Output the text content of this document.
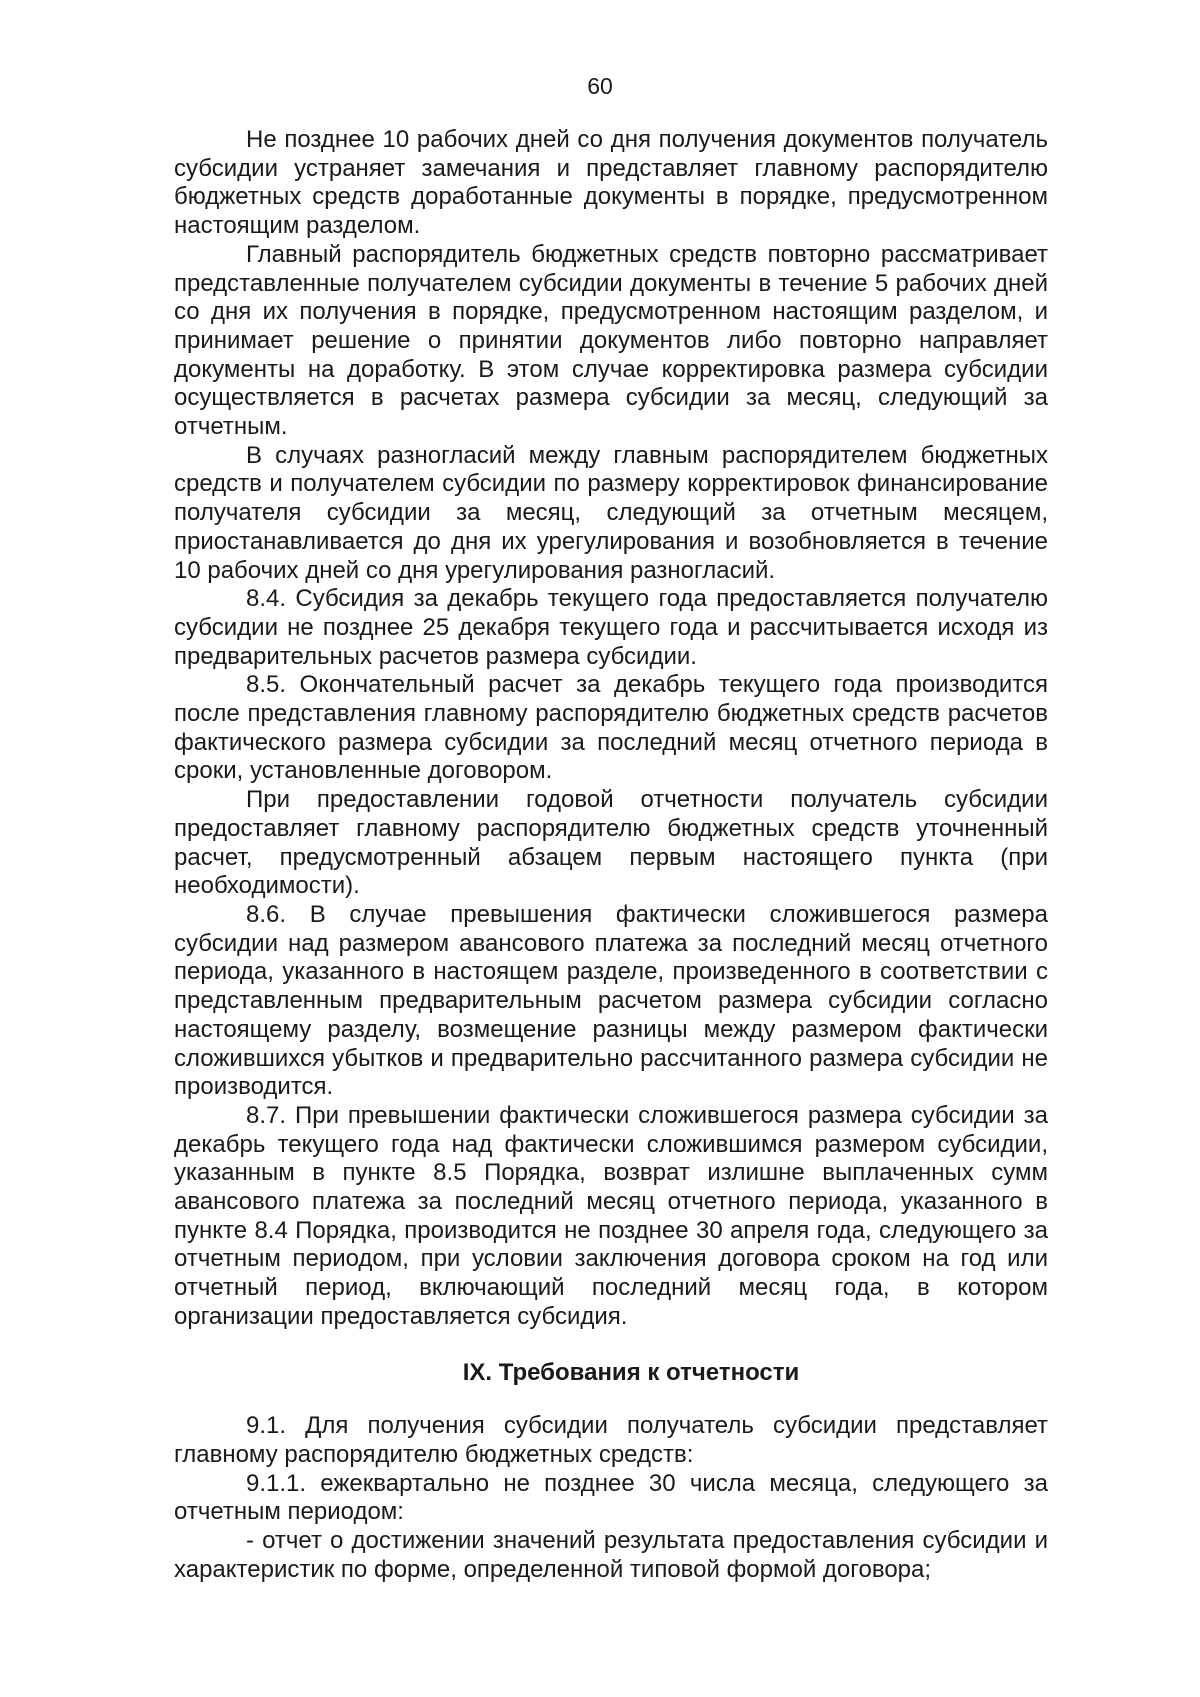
60

Не позднее 10 рабочих дней со дня получения документов получатель субсидии устраняет замечания и представляет главному распорядителю бюджетных средств доработанные документы в порядке, предусмотренном настоящим разделом.

Главный распорядитель бюджетных средств повторно рассматривает представленные получателем субсидии документы в течение 5 рабочих дней со дня их получения в порядке, предусмотренном настоящим разделом, и принимает решение о принятии документов либо повторно направляет документы на доработку. В этом случае корректировка размера субсидии осуществляется в расчетах размера субсидии за месяц, следующий за отчетным.

В случаях разногласий между главным распорядителем бюджетных средств и получателем субсидии по размеру корректировок финансирование получателя субсидии за месяц, следующий за отчетным месяцем, приостанавливается до дня их урегулирования и возобновляется в течение 10 рабочих дней со дня урегулирования разногласий.

8.4. Субсидия за декабрь текущего года предоставляется получателю субсидии не позднее 25 декабря текущего года и рассчитывается исходя из предварительных расчетов размера субсидии.

8.5. Окончательный расчет за декабрь текущего года производится после представления главному распорядителю бюджетных средств расчетов фактического размера субсидии за последний месяц отчетного периода в сроки, установленные договором.

При предоставлении годовой отчетности получатель субсидии предоставляет главному распорядителю бюджетных средств уточненный расчет, предусмотренный абзацем первым настоящего пункта (при необходимости).

8.6. В случае превышения фактически сложившегося размера субсидии над размером авансового платежа за последний месяц отчетного периода, указанного в настоящем разделе, произведенного в соответствии с представленным предварительным расчетом размера субсидии согласно настоящему разделу, возмещение разницы между размером фактически сложившихся убытков и предварительно рассчитанного размера субсидии не производится.

8.7. При превышении фактически сложившегося размера субсидии за декабрь текущего года над фактически сложившимся размером субсидии, указанным в пункте 8.5 Порядка, возврат излишне выплаченных сумм авансового платежа за последний месяц отчетного периода, указанного в пункте 8.4 Порядка, производится не позднее 30 апреля года, следующего за отчетным периодом, при условии заключения договора сроком на год или отчетный период, включающий последний месяц года, в котором организации предоставляется субсидия.

IX. Требования к отчетности

9.1. Для получения субсидии получатель субсидии представляет главному распорядителю бюджетных средств:

9.1.1. ежеквартально не позднее 30 числа месяца, следующего за отчетным периодом:

- отчет о достижении значений результата предоставления субсидии и характеристик по форме, определенной типовой формой договора;
